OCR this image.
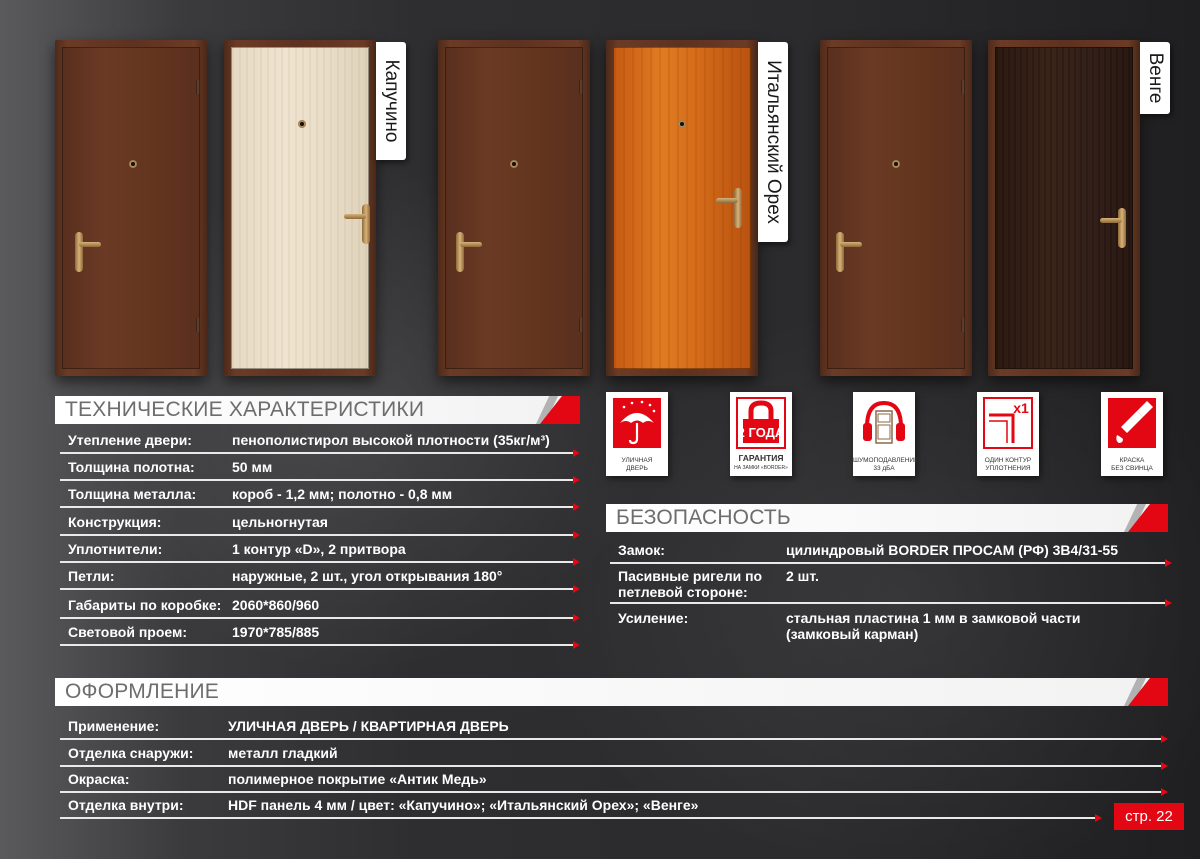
Капучино	Итальянский Орех	Венге
ТЕХНИЧЕСКИЕ ХАРАКТЕРИСТИКИ
Утепление двери:	пенополистирол высокой плотности (35кг/м³)
Толщина полотна:	50 мм
Толщина металла:	короб - 1,2 мм; полотно - 0,8 мм
Конструкция:	цельногнутая
Уплотнители:	1 контур «D», 2 притвора
Петли:	наружные, 2 шт., угол открывания 180°
Габариты по коробке: 2060*860/960
Световой проем:	1970*785/885
УЛИЧНАЯ
ДВЕРЬ
2 ГОДА
ГАРАНТИЯ
НА ЗАМКИ «BORDER»
ШУМОПОДАВЛЕНИЕ
33 дБА
x1
ОДИН КОНТУР
УПЛОТНЕНИЯ
КРАСКА
БЕЗ СВИНЦА
БЕЗОПАСНОСТЬ
Замок:	цилиндровый BORDER ПРОСАМ (РФ) 3В4/31-55
Пасивные ригели по
петлевой стороне:
2 шт.
Усиление:	стальная пластина 1 мм в замковой части
(замковый карман)
ОФОРМЛЕНИЕ
Применение:	УЛИЧНАЯ ДВЕРЬ / КВАРТИРНАЯ ДВЕРЬ
Отделка снаружи: металл гладкий
Окраска:	полимерное покрытие «Антик Медь»
Отделка внутри:	HDF панель 4 мм / цвет: «Капучино»; «Итальянский Орех»; «Венге»
стр. 22
